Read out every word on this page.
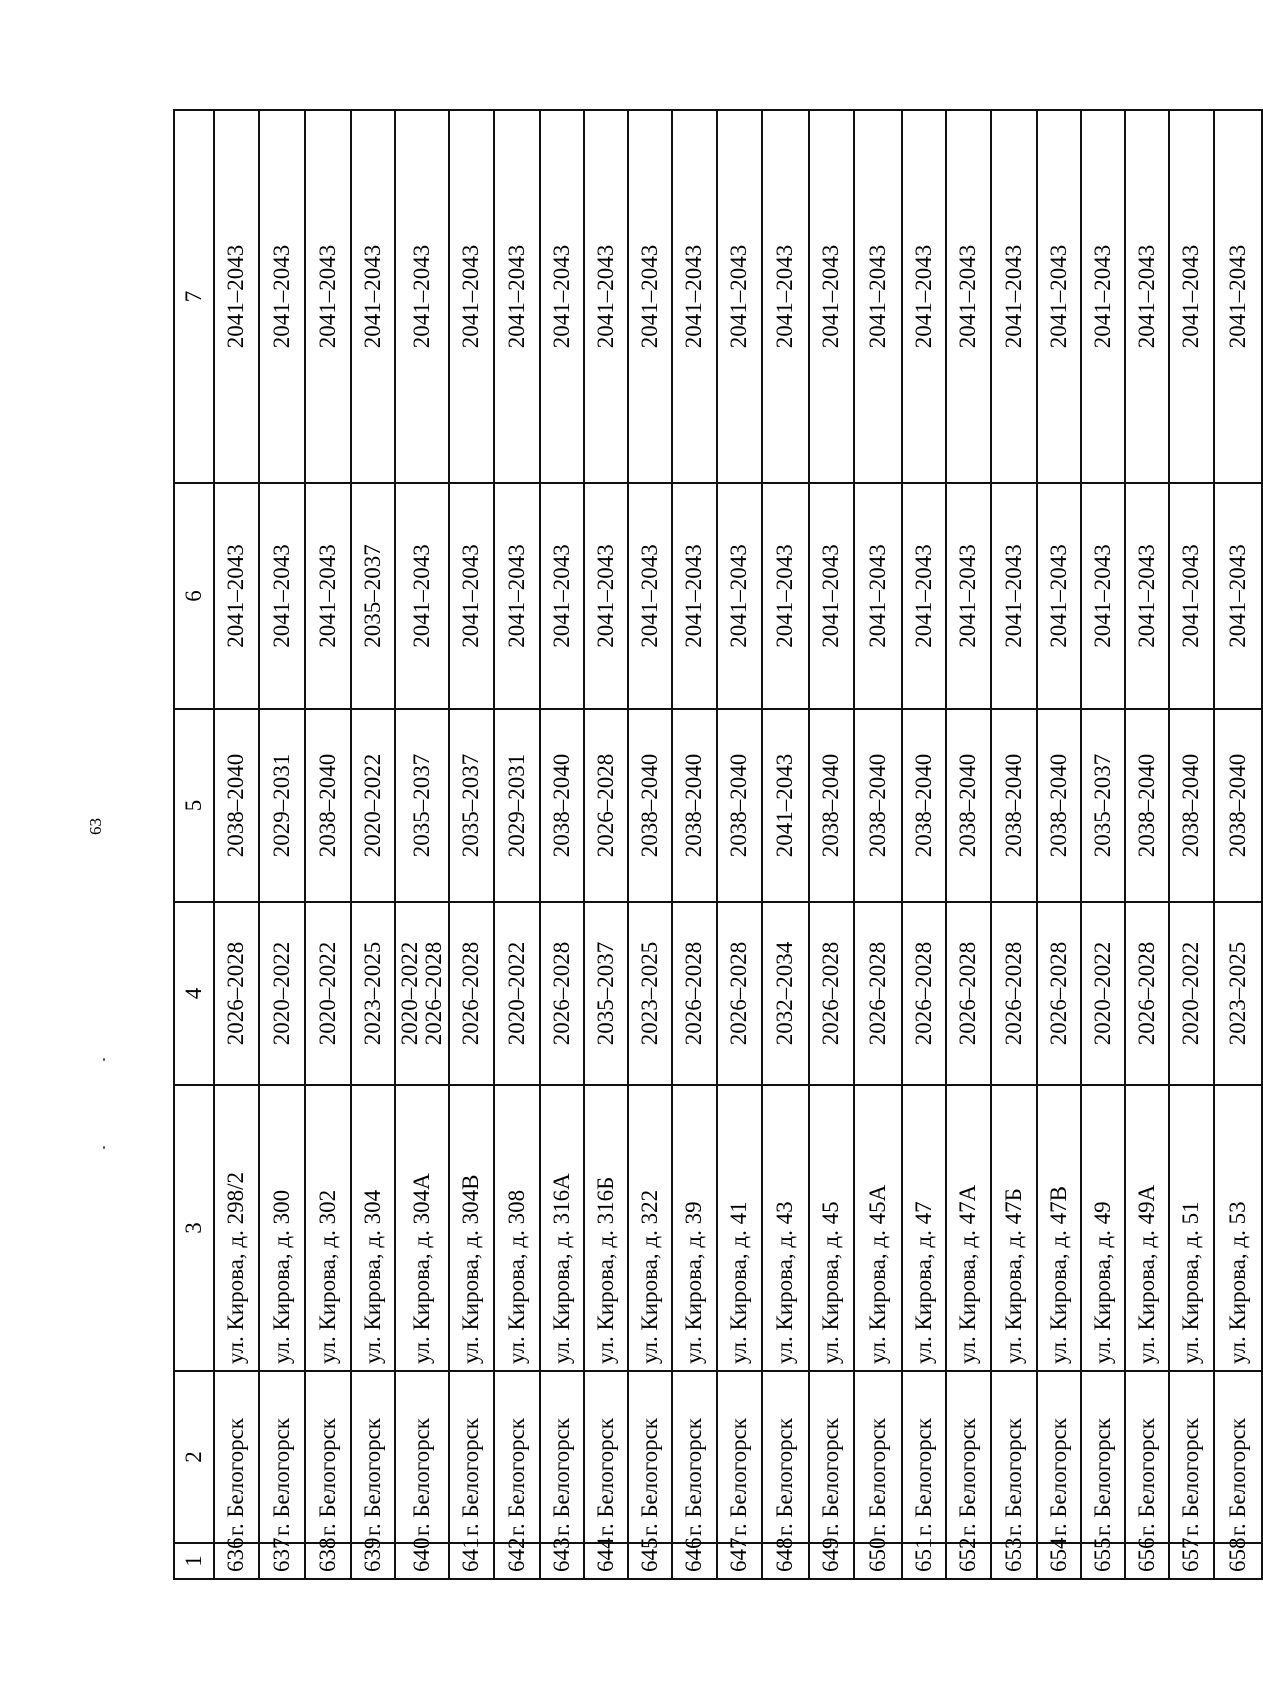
63
1	2	3	4	5	6	7
636	г. Белогорск	ул. Кирова, д. 298/2	2026–2028	2038–2040	2041–2043	2041–2043
637	г. Белогорск	ул. Кирова, д. 300	2020–2022	2029–2031	2041–2043	2041–2043
638	г. Белогорск	ул. Кирова, д. 302	2020–2022	2038–2040	2041–2043	2041–2043
639	г. Белогорск	ул. Кирова, д. 304	2023–2025	2020–2022	2035–2037	2041–2043
640	г. Белогорск	ул. Кирова, д. 304А	2020–2022 2026–2028	2035–2037	2041–2043	2041–2043
641	г. Белогорск	ул. Кирова, д. 304В	2026–2028	2035–2037	2041–2043	2041–2043
642	г. Белогорск	ул. Кирова, д. 308	2020–2022	2029–2031	2041–2043	2041–2043
643	г. Белогорск	ул. Кирова, д. 316А	2026–2028	2038–2040	2041–2043	2041–2043
644	г. Белогорск	ул. Кирова, д. 316Б	2035–2037	2026–2028	2041–2043	2041–2043
645	г. Белогорск	ул. Кирова, д. 322	2023–2025	2038–2040	2041–2043	2041–2043
646	г. Белогорск	ул. Кирова, д. 39	2026–2028	2038–2040	2041–2043	2041–2043
647	г. Белогорск	ул. Кирова, д. 41	2026–2028	2038–2040	2041–2043	2041–2043
648	г. Белогорск	ул. Кирова, д. 43	2032–2034	2041–2043	2041–2043	2041–2043
649	г. Белогорск	ул. Кирова, д. 45	2026–2028	2038–2040	2041–2043	2041–2043
650	г. Белогорск	ул. Кирова, д. 45А	2026–2028	2038–2040	2041–2043	2041–2043
651	г. Белогорск	ул. Кирова, д. 47	2026–2028	2038–2040	2041–2043	2041–2043
652	г. Белогорск	ул. Кирова, д. 47А	2026–2028	2038–2040	2041–2043	2041–2043
653	г. Белогорск	ул. Кирова, д. 47Б	2026–2028	2038–2040	2041–2043	2041–2043
654	г. Белогорск	ул. Кирова, д. 47В	2026–2028	2038–2040	2041–2043	2041–2043
655	г. Белогорск	ул. Кирова, д. 49	2020–2022	2035–2037	2041–2043	2041–2043
656	г. Белогорск	ул. Кирова, д. 49А	2026–2028	2038–2040	2041–2043	2041–2043
657	г. Белогорск	ул. Кирова, д. 51	2020–2022	2038–2040	2041–2043	2041–2043
658	г. Белогорск	ул. Кирова, д. 53	2023–2025	2038–2040	2041–2043	2041–2043
